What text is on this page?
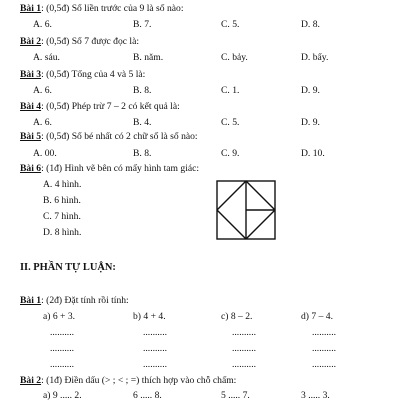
Bài 1: (0,5đ) Số liền trước của 9 là số nào:
A. 6.	B. 7.	C. 5.	D. 8.
Bài 2: (0,5đ) Số 7 được đọc là:
A. sáu.	B. năm.	C. bảy.	D. bẩy.
Bài 3: (0,5đ) Tổng của 4 và 5 là:
A. 6.	B. 8.	C. 1.	D. 9.
Bài 4: (0,5đ) Phép trừ 7 – 2 có kết quả là:
A. 6.	B. 4.	C. 5.	D. 9.
Bài 5: (0,5đ) Số bé nhất có 2 chữ số là số nào:
A. 00.	B. 8.	C. 9.	D. 10.
Bài 6: (1đ) Hình vẽ bên có mấy hình tam giác:
A. 4 hình.
B. 6 hình.
C. 7 hình.
D. 8 hình.
II. PHẦN TỰ LUẬN:
Bài 1: (2đ) Đặt tính rồi tính:
a) 6 + 3.	b) 4 + 4.	c) 8 – 2.	d) 7 – 4.
..........	..........	..........	..........
..........	..........	..........	..........
..........	..........	..........	..........
Bài 2: (1đ) Điền dấu (> ; < ; =) thích hợp vào chỗ chấm:
a) 9 ..... 2.	6 ..... 8.	5 ..... 7.	3 ..... 3.
